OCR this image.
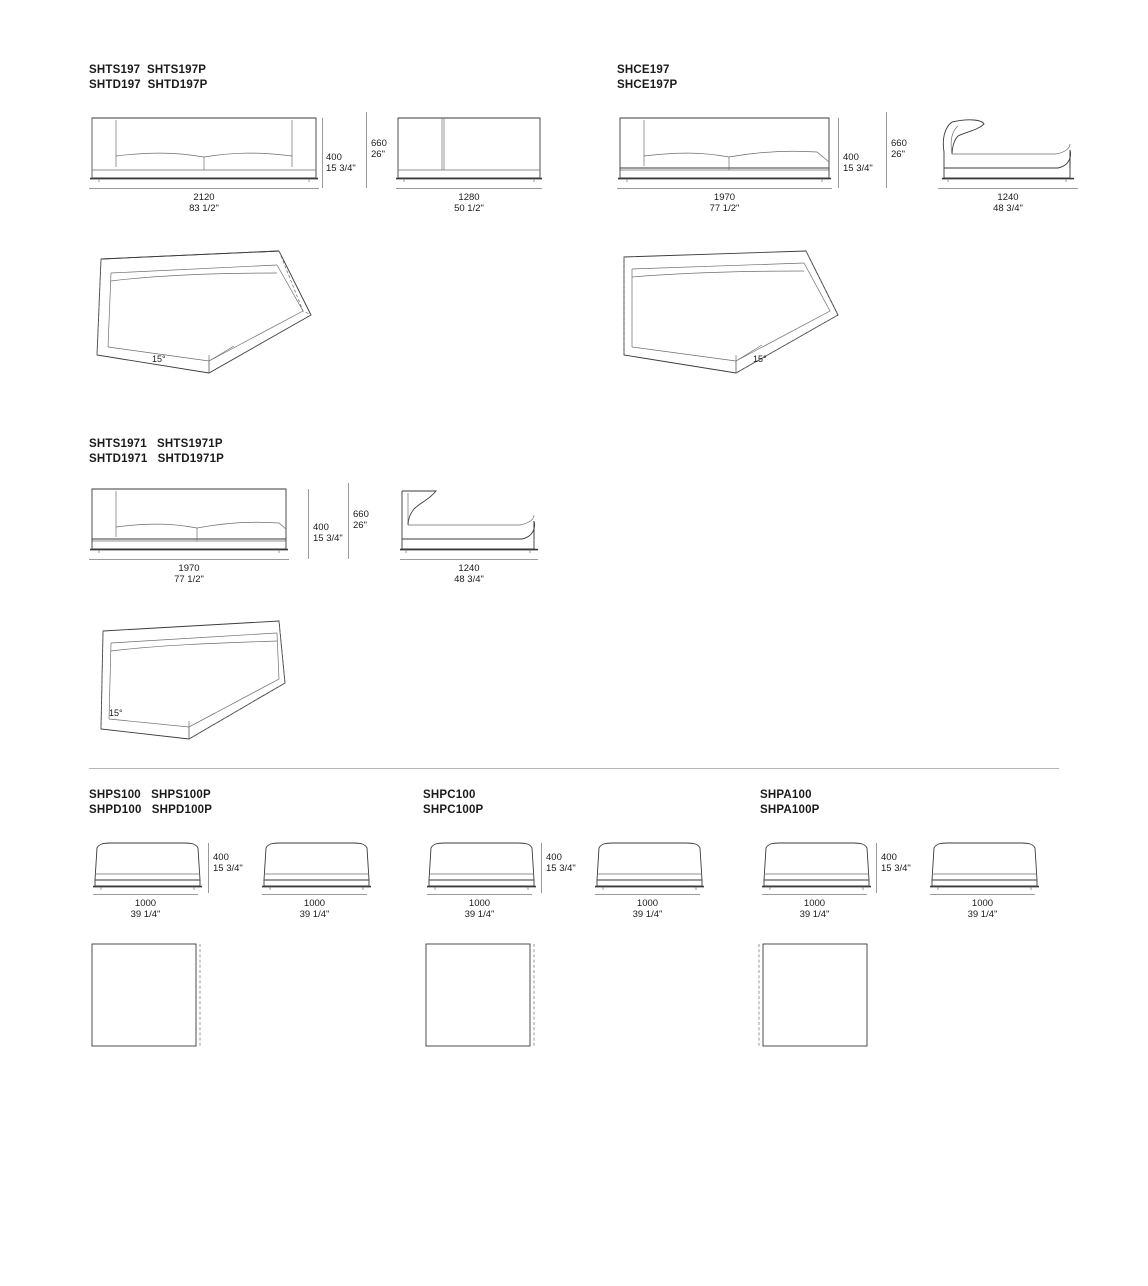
SHTS197  SHTS197P
SHTD197  SHTD197P
2120
83 1/2"
400
15 3/4"
660
26"
1280
50 1/2"
15°
SHCE197
SHCE197P
1970
77 1/2"
400
15 3/4"
660
26"
1240
48 3/4"
15°
SHTS1971   SHTS1971P
SHTD1971   SHTD1971P
1970
77 1/2"
400
15 3/4"
660
26"
1240
48 3/4"
15°
SHPS100   SHPS100P
SHPD100   SHPD100P
1000
39 1/4"
400
15 3/4"
1000
39 1/4"
SHPC100
SHPC100P
1000
39 1/4"
400
15 3/4"
1000
39 1/4"
SHPA100
SHPA100P
1000
39 1/4"
400
15 3/4"
1000
39 1/4"
